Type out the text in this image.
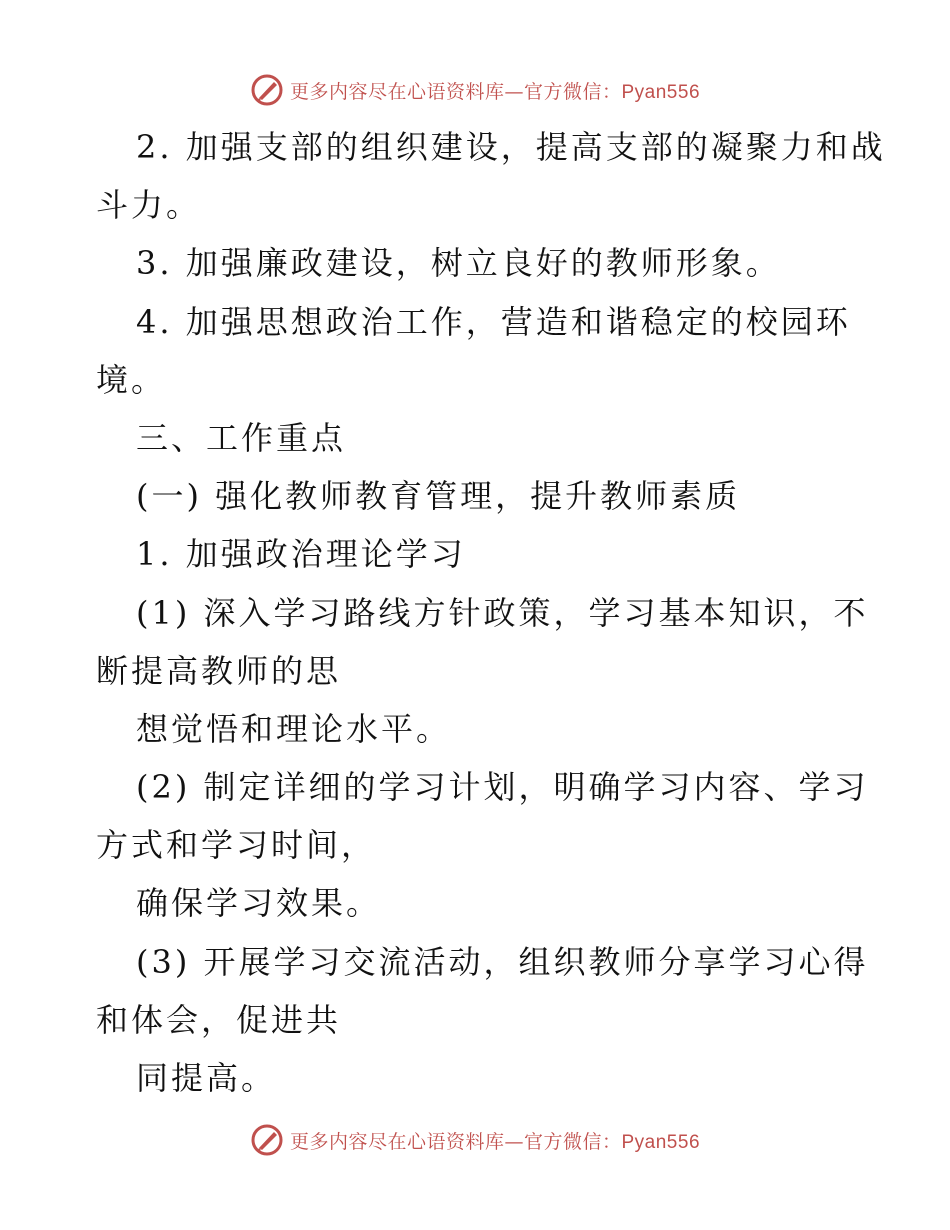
更多内容尽在心语资料库—官方微信：Pyan556
2. 加强支部的组织建设，提高支部的凝聚力和战
斗力。
3. 加强廉政建设，树立良好的教师形象。
4. 加强思想政治工作，营造和谐稳定的校园环
境。
三、工作重点
(一) 强化教师教育管理，提升教师素质
1. 加强政治理论学习
(1) 深入学习路线方针政策，学习基本知识，不
断提高教师的思
想觉悟和理论水平。
(2) 制定详细的学习计划，明确学习内容、学习
方式和学习时间，
确保学习效果。
(3) 开展学习交流活动，组织教师分享学习心得
和体会，促进共
同提高。
更多内容尽在心语资料库—官方微信：Pyan556
